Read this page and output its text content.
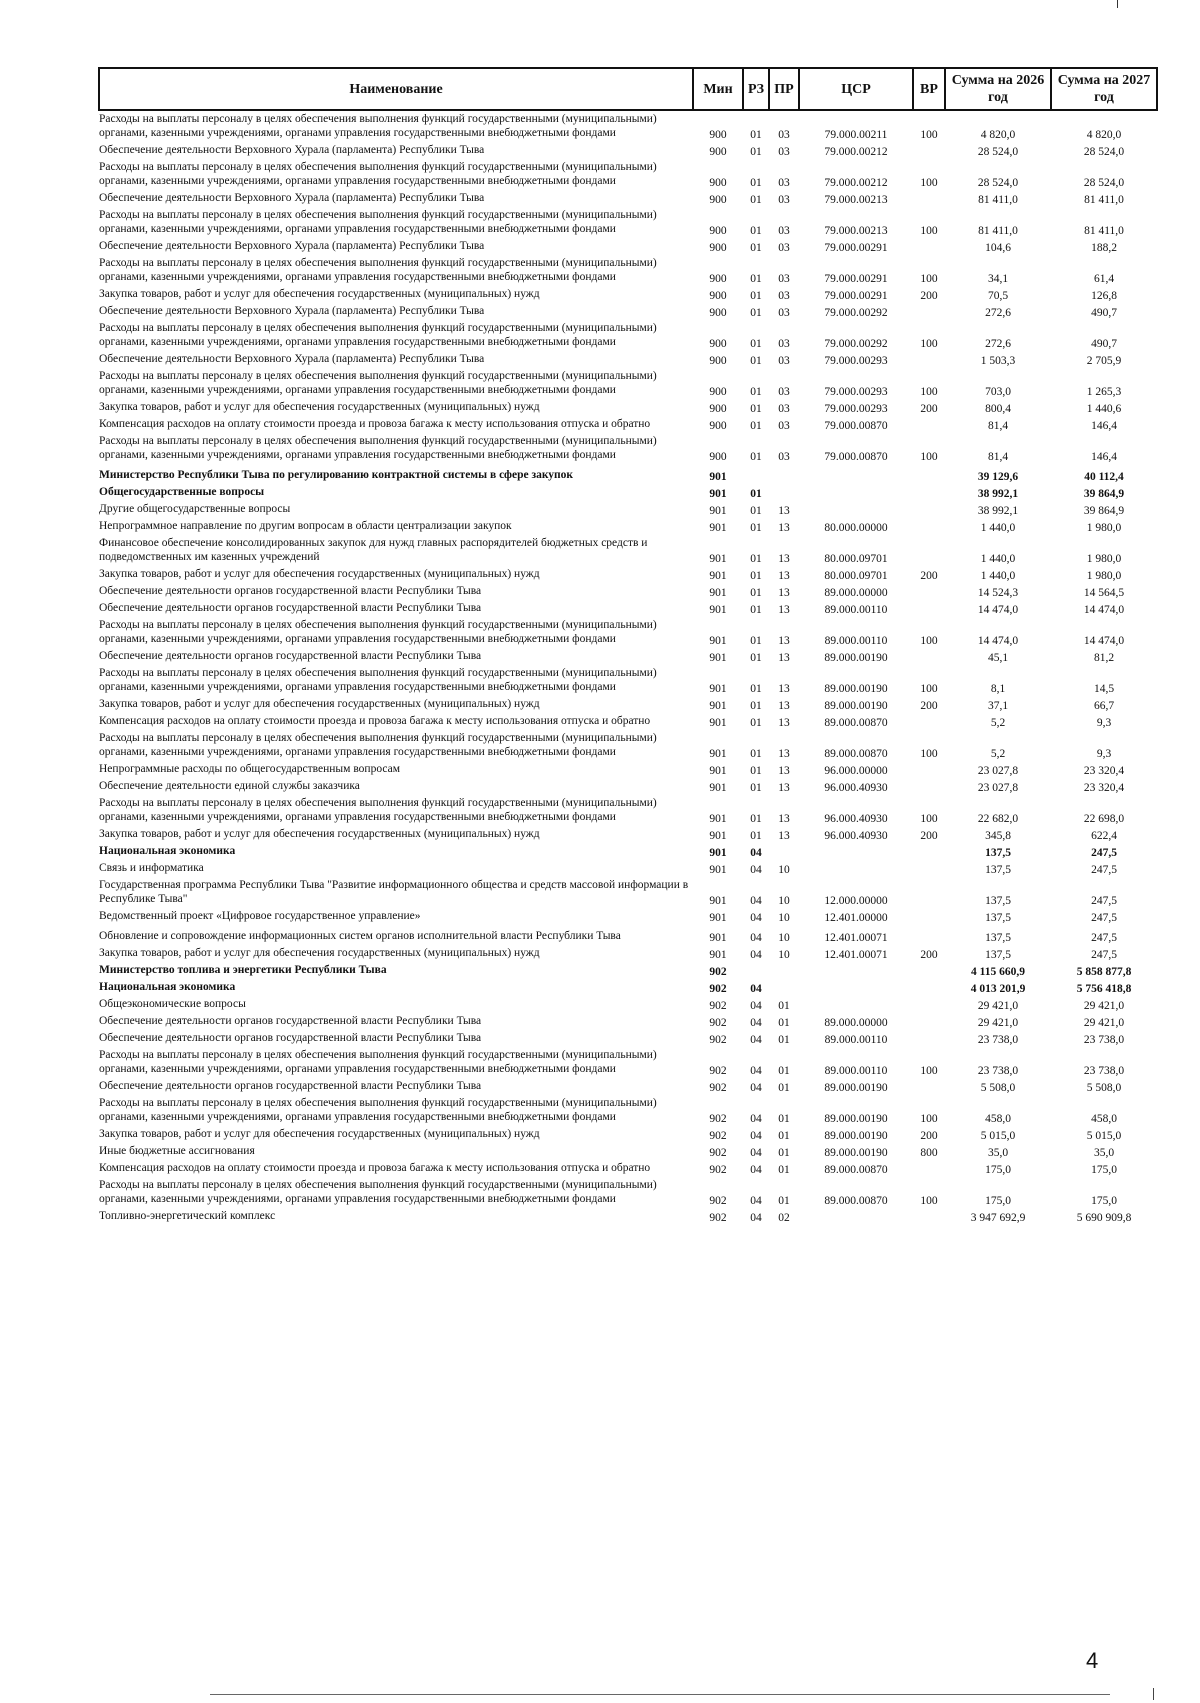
Наименование	Мин	РЗ	ПР	ЦСР	ВР	Сумма на 2026 год	Сумма на 2027 год
Расходы на выплаты персоналу в целях обеспечения выполнения функций государственными (муниципальными) органами, казенными учреждениями, органами управления государственными внебюджетными фондами	900	01	03	79.000.00211	100	4 820,0	4 820,0
Обеспечение деятельности Верховного Хурала (парламента) Республики Тыва	900	01	03	79.000.00212		28 524,0	28 524,0
Расходы на выплаты персоналу в целях обеспечения выполнения функций государственными (муниципальными) органами, казенными учреждениями, органами управления государственными внебюджетными фондами	900	01	03	79.000.00212	100	28 524,0	28 524,0
Обеспечение деятельности Верховного Хурала (парламента) Республики Тыва	900	01	03	79.000.00213		81 411,0	81 411,0
Расходы на выплаты персоналу в целях обеспечения выполнения функций государственными (муниципальными) органами, казенными учреждениями, органами управления государственными внебюджетными фондами	900	01	03	79.000.00213	100	81 411,0	81 411,0
Обеспечение деятельности Верховного Хурала (парламента) Республики Тыва	900	01	03	79.000.00291		104,6	188,2
Расходы на выплаты персоналу в целях обеспечения выполнения функций государственными (муниципальными) органами, казенными учреждениями, органами управления государственными внебюджетными фондами	900	01	03	79.000.00291	100	34,1	61,4
Закупка товаров, работ и услуг для обеспечения государственных (муниципальных) нужд	900	01	03	79.000.00291	200	70,5	126,8
Обеспечение деятельности Верховного Хурала (парламента) Республики Тыва	900	01	03	79.000.00292		272,6	490,7
Расходы на выплаты персоналу в целях обеспечения выполнения функций государственными (муниципальными) органами, казенными учреждениями, органами управления государственными внебюджетными фондами	900	01	03	79.000.00292	100	272,6	490,7
Обеспечение деятельности Верховного Хурала (парламента) Республики Тыва	900	01	03	79.000.00293		1 503,3	2 705,9
Расходы на выплаты персоналу в целях обеспечения выполнения функций государственными (муниципальными) органами, казенными учреждениями, органами управления государственными внебюджетными фондами	900	01	03	79.000.00293	100	703,0	1 265,3
Закупка товаров, работ и услуг для обеспечения государственных (муниципальных) нужд	900	01	03	79.000.00293	200	800,4	1 440,6
Компенсация расходов на оплату стоимости проезда и провоза багажа к месту использования отпуска и обратно	900	01	03	79.000.00870		81,4	146,4
Расходы на выплаты персоналу в целях обеспечения выполнения функций государственными (муниципальными) органами, казенными учреждениями, органами управления государственными внебюджетными фондами	900	01	03	79.000.00870	100	81,4	146,4
Министерство Республики Тыва по регулированию контрактной системы в сфере закупок	901					39 129,6	40 112,4
Общегосударственные вопросы	901	01				38 992,1	39 864,9
Другие общегосударственные вопросы	901	01	13			38 992,1	39 864,9
Непрограммное направление по другим вопросам в области централизации закупок	901	01	13	80.000.00000		1 440,0	1 980,0
Финансовое обеспечение консолидированных закупок для нужд главных распорядителей бюджетных средств и подведомственных им казенных учреждений	901	01	13	80.000.09701		1 440,0	1 980,0
Закупка товаров, работ и услуг для обеспечения государственных (муниципальных) нужд	901	01	13	80.000.09701	200	1 440,0	1 980,0
Обеспечение деятельности органов государственной власти Республики Тыва	901	01	13	89.000.00000		14 524,3	14 564,5
Обеспечение деятельности органов государственной власти Республики Тыва	901	01	13	89.000.00110		14 474,0	14 474,0
Расходы на выплаты персоналу в целях обеспечения выполнения функций государственными (муниципальными) органами, казенными учреждениями, органами управления государственными внебюджетными фондами	901	01	13	89.000.00110	100	14 474,0	14 474,0
Обеспечение деятельности органов государственной власти Республики Тыва	901	01	13	89.000.00190		45,1	81,2
Расходы на выплаты персоналу в целях обеспечения выполнения функций государственными (муниципальными) органами, казенными учреждениями, органами управления государственными внебюджетными фондами	901	01	13	89.000.00190	100	8,1	14,5
Закупка товаров, работ и услуг для обеспечения государственных (муниципальных) нужд	901	01	13	89.000.00190	200	37,1	66,7
Компенсация расходов на оплату стоимости проезда и провоза багажа к месту использования отпуска и обратно	901	01	13	89.000.00870		5,2	9,3
Расходы на выплаты персоналу в целях обеспечения выполнения функций государственными (муниципальными) органами, казенными учреждениями, органами управления государственными внебюджетными фондами	901	01	13	89.000.00870	100	5,2	9,3
Непрограммные расходы по общегосударственным вопросам	901	01	13	96.000.00000		23 027,8	23 320,4
Обеспечение деятельности единой службы заказчика	901	01	13	96.000.40930		23 027,8	23 320,4
Расходы на выплаты персоналу в целях обеспечения выполнения функций государственными (муниципальными) органами, казенными учреждениями, органами управления государственными внебюджетными фондами	901	01	13	96.000.40930	100	22 682,0	22 698,0
Закупка товаров, работ и услуг для обеспечения государственных (муниципальных) нужд	901	01	13	96.000.40930	200	345,8	622,4
Национальная экономика	901	04				137,5	247,5
Связь и информатика	901	04	10			137,5	247,5
Государственная программа Республики Тыва "Развитие информационного общества и средств массовой информации в Республике Тыва"	901	04	10	12.000.00000		137,5	247,5
Ведомственный проект «Цифровое государственное управление»	901	04	10	12.401.00000		137,5	247,5
Обновление и сопровождение информационных систем органов исполнительной власти Республики Тыва	901	04	10	12.401.00071		137,5	247,5
Закупка товаров, работ и услуг для обеспечения государственных (муниципальных) нужд	901	04	10	12.401.00071	200	137,5	247,5
Министерство топлива и энергетики Республики Тыва	902					4 115 660,9	5 858 877,8
Национальная экономика	902	04				4 013 201,9	5 756 418,8
Общеэкономические вопросы	902	04	01			29 421,0	29 421,0
Обеспечение деятельности органов государственной власти Республики Тыва	902	04	01	89.000.00000		29 421,0	29 421,0
Обеспечение деятельности органов государственной власти Республики Тыва	902	04	01	89.000.00110		23 738,0	23 738,0
Расходы на выплаты персоналу в целях обеспечения выполнения функций государственными (муниципальными) органами, казенными учреждениями, органами управления государственными внебюджетными фондами	902	04	01	89.000.00110	100	23 738,0	23 738,0
Обеспечение деятельности органов государственной власти Республики Тыва	902	04	01	89.000.00190		5 508,0	5 508,0
Расходы на выплаты персоналу в целях обеспечения выполнения функций государственными (муниципальными) органами, казенными учреждениями, органами управления государственными внебюджетными фондами	902	04	01	89.000.00190	100	458,0	458,0
Закупка товаров, работ и услуг для обеспечения государственных (муниципальных) нужд	902	04	01	89.000.00190	200	5 015,0	5 015,0
Иные бюджетные ассигнования	902	04	01	89.000.00190	800	35,0	35,0
Компенсация расходов на оплату стоимости проезда и провоза багажа к месту использования отпуска и обратно	902	04	01	89.000.00870		175,0	175,0
Расходы на выплаты персоналу в целях обеспечения выполнения функций государственными (муниципальными) органами, казенными учреждениями, органами управления государственными внебюджетными фондами	902	04	01	89.000.00870	100	175,0	175,0
Топливно-энергетический комплекс	902	04	02			3 947 692,9	5 690 909,8
4
